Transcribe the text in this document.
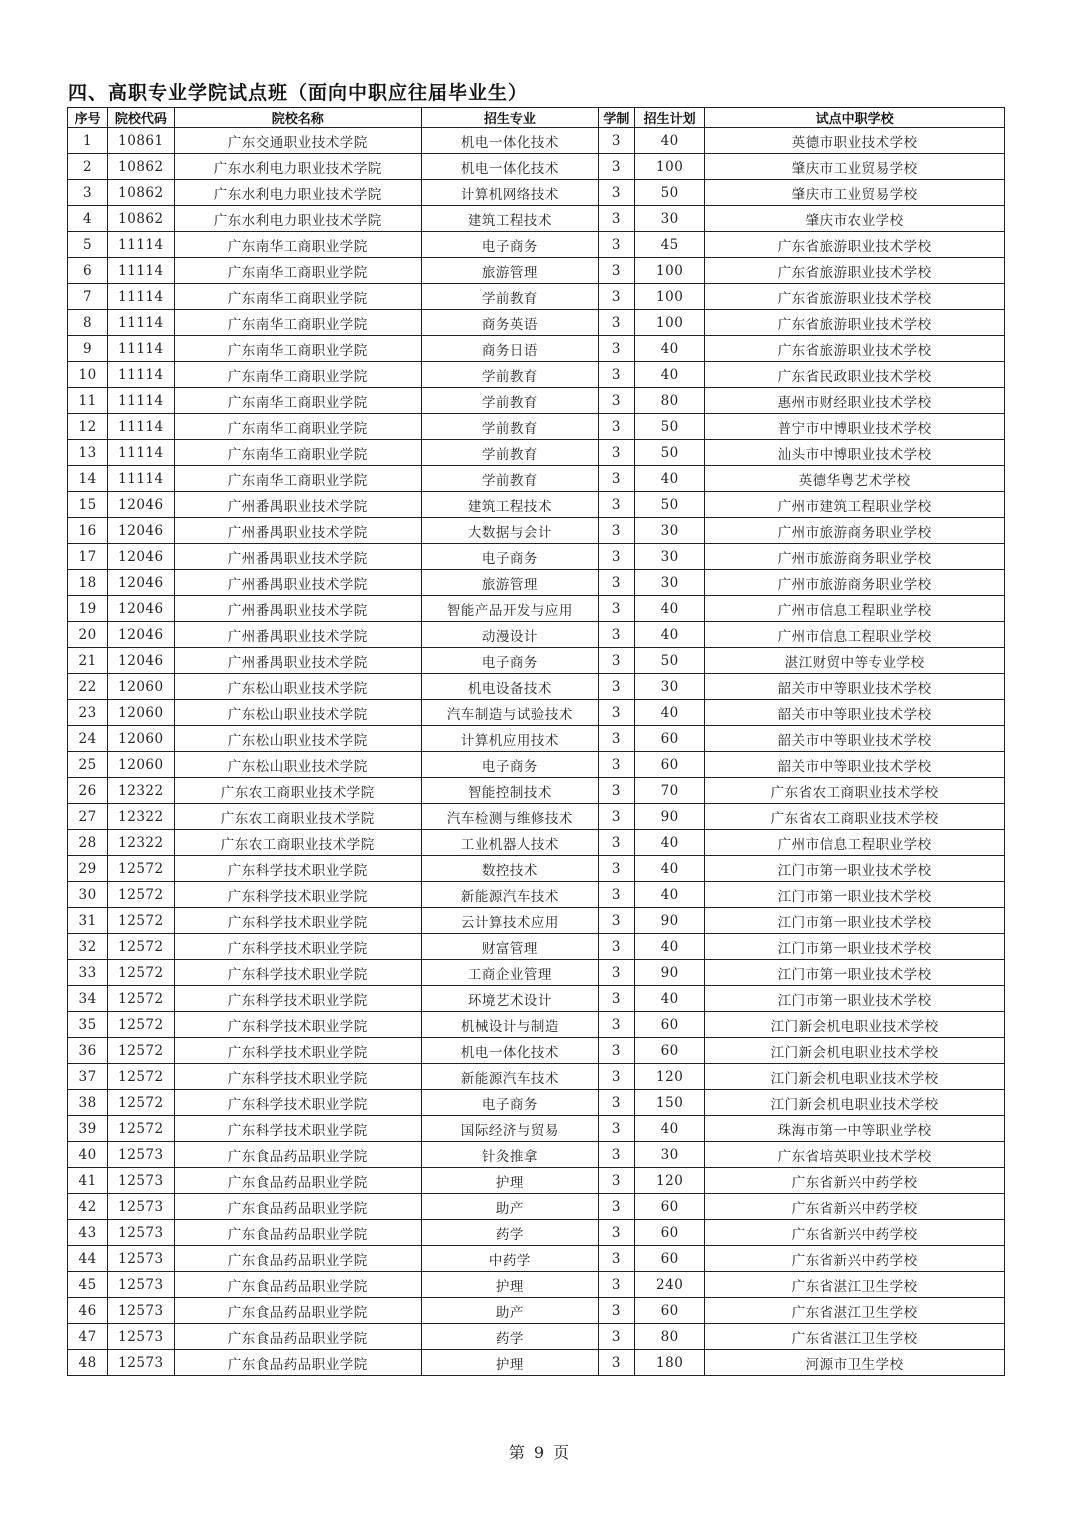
四、高职专业学院试点班（面向中职应往届毕业生）
序号	院校代码	院校名称	招生专业	学制	招生计划	试点中职学校
1	10861	广东交通职业技术学院	机电一体化技术	3	40	英德市职业技术学校
2	10862	广东水利电力职业技术学院	机电一体化技术	3	100	肇庆市工业贸易学校
3	10862	广东水利电力职业技术学院	计算机网络技术	3	50	肇庆市工业贸易学校
4	10862	广东水利电力职业技术学院	建筑工程技术	3	30	肇庆市农业学校
5	11114	广东南华工商职业学院	电子商务	3	45	广东省旅游职业技术学校
6	11114	广东南华工商职业学院	旅游管理	3	100	广东省旅游职业技术学校
7	11114	广东南华工商职业学院	学前教育	3	100	广东省旅游职业技术学校
8	11114	广东南华工商职业学院	商务英语	3	100	广东省旅游职业技术学校
9	11114	广东南华工商职业学院	商务日语	3	40	广东省旅游职业技术学校
10	11114	广东南华工商职业学院	学前教育	3	40	广东省民政职业技术学校
11	11114	广东南华工商职业学院	学前教育	3	80	惠州市财经职业技术学校
12	11114	广东南华工商职业学院	学前教育	3	50	普宁市中博职业技术学校
13	11114	广东南华工商职业学院	学前教育	3	50	汕头市中博职业技术学校
14	11114	广东南华工商职业学院	学前教育	3	40	英德华粤艺术学校
15	12046	广州番禺职业技术学院	建筑工程技术	3	50	广州市建筑工程职业学校
16	12046	广州番禺职业技术学院	大数据与会计	3	30	广州市旅游商务职业学校
17	12046	广州番禺职业技术学院	电子商务	3	30	广州市旅游商务职业学校
18	12046	广州番禺职业技术学院	旅游管理	3	30	广州市旅游商务职业学校
19	12046	广州番禺职业技术学院	智能产品开发与应用	3	40	广州市信息工程职业学校
20	12046	广州番禺职业技术学院	动漫设计	3	40	广州市信息工程职业学校
21	12046	广州番禺职业技术学院	电子商务	3	50	湛江财贸中等专业学校
22	12060	广东松山职业技术学院	机电设备技术	3	30	韶关市中等职业技术学校
23	12060	广东松山职业技术学院	汽车制造与试验技术	3	40	韶关市中等职业技术学校
24	12060	广东松山职业技术学院	计算机应用技术	3	60	韶关市中等职业技术学校
25	12060	广东松山职业技术学院	电子商务	3	60	韶关市中等职业技术学校
26	12322	广东农工商职业技术学院	智能控制技术	3	70	广东省农工商职业技术学校
27	12322	广东农工商职业技术学院	汽车检测与维修技术	3	90	广东省农工商职业技术学校
28	12322	广东农工商职业技术学院	工业机器人技术	3	40	广州市信息工程职业学校
29	12572	广东科学技术职业学院	数控技术	3	40	江门市第一职业技术学校
30	12572	广东科学技术职业学院	新能源汽车技术	3	40	江门市第一职业技术学校
31	12572	广东科学技术职业学院	云计算技术应用	3	90	江门市第一职业技术学校
32	12572	广东科学技术职业学院	财富管理	3	40	江门市第一职业技术学校
33	12572	广东科学技术职业学院	工商企业管理	3	90	江门市第一职业技术学校
34	12572	广东科学技术职业学院	环境艺术设计	3	40	江门市第一职业技术学校
35	12572	广东科学技术职业学院	机械设计与制造	3	60	江门新会机电职业技术学校
36	12572	广东科学技术职业学院	机电一体化技术	3	60	江门新会机电职业技术学校
37	12572	广东科学技术职业学院	新能源汽车技术	3	120	江门新会机电职业技术学校
38	12572	广东科学技术职业学院	电子商务	3	150	江门新会机电职业技术学校
39	12572	广东科学技术职业学院	国际经济与贸易	3	40	珠海市第一中等职业学校
40	12573	广东食品药品职业学院	针灸推拿	3	30	广东省培英职业技术学校
41	12573	广东食品药品职业学院	护理	3	120	广东省新兴中药学校
42	12573	广东食品药品职业学院	助产	3	60	广东省新兴中药学校
43	12573	广东食品药品职业学院	药学	3	60	广东省新兴中药学校
44	12573	广东食品药品职业学院	中药学	3	60	广东省新兴中药学校
45	12573	广东食品药品职业学院	护理	3	240	广东省湛江卫生学校
46	12573	广东食品药品职业学院	助产	3	60	广东省湛江卫生学校
47	12573	广东食品药品职业学院	药学	3	80	广东省湛江卫生学校
48	12573	广东食品药品职业学院	护理	3	180	河源市卫生学校
第 9 页
